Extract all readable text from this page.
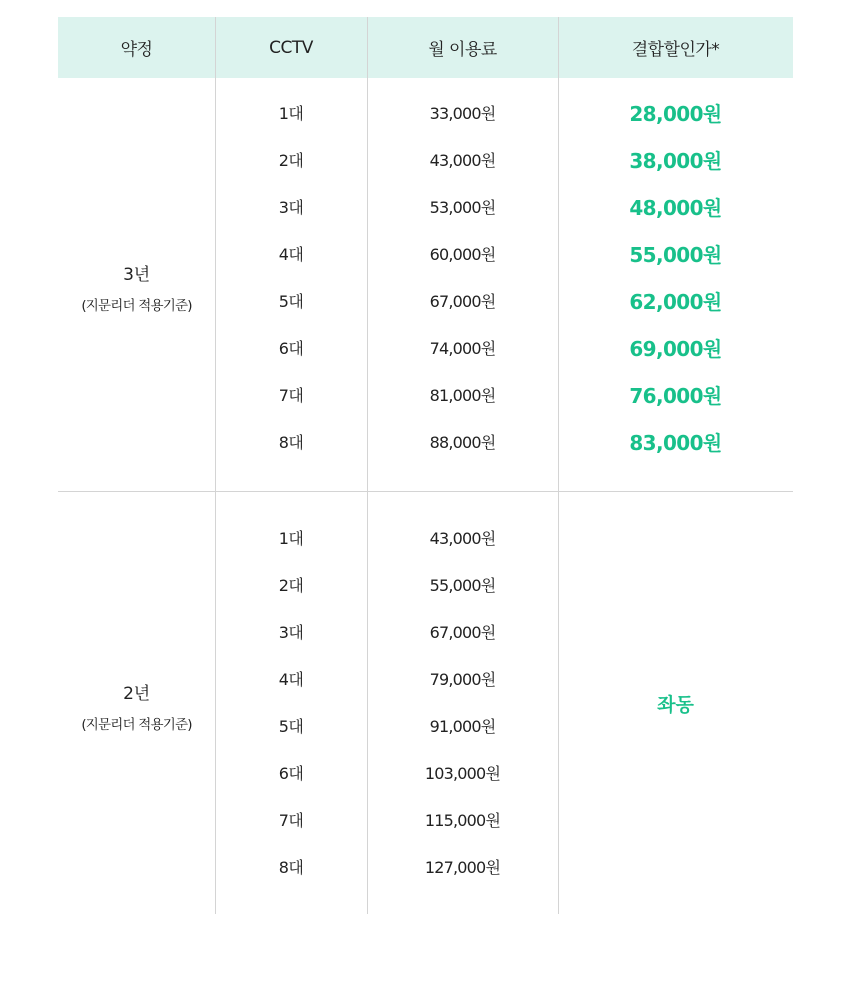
약정	CCTV	월 이용료	결합할인가*
3년
(지문리더 적용기준)
1대	33,000원	28,000원
2대	43,000원	38,000원
3대	53,000원	48,000원
4대	60,000원	55,000원
5대	67,000원	62,000원
6대	74,000원	69,000원
7대	81,000원	76,000원
8대	88,000원	83,000원
2년
(지문리더 적용기준)
1대	43,000원
2대	55,000원
3대	67,000원
4대	79,000원
5대	91,000원
6대	103,000원
7대	115,000원
8대	127,000원
좌동
